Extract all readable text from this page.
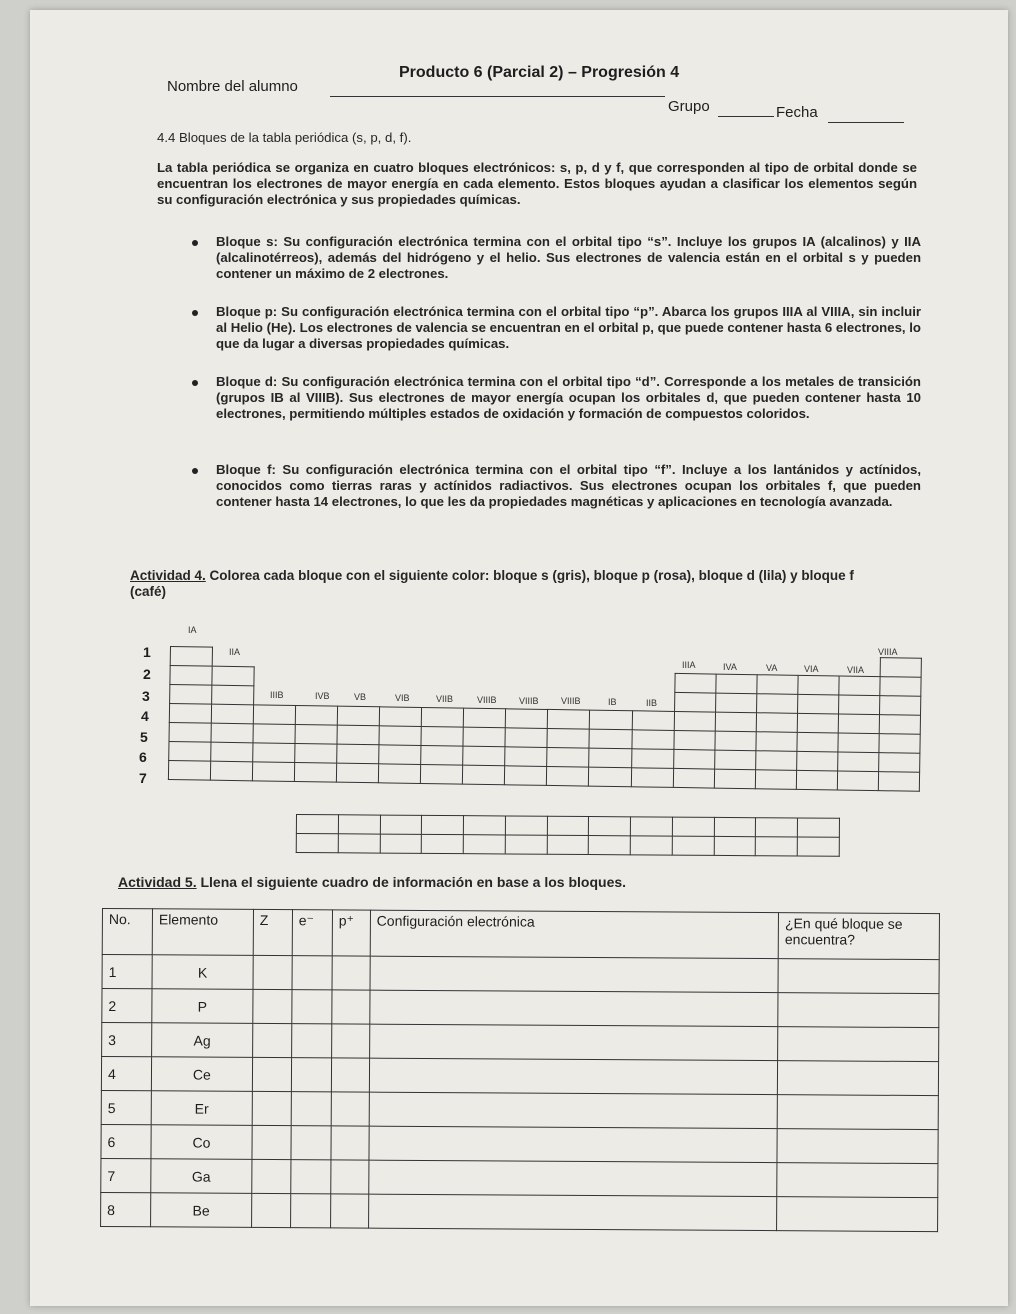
Producto 6 (Parcial 2) – Progresión 4
Nombre del alumno
Grupo	Fecha
4.4 Bloques de la tabla periódica (s, p, d, f).
La tabla periódica se organiza en cuatro bloques electrónicos: s, p, d y f, que corresponden al tipo de orbital donde se encuentran los electrones de mayor energía en cada elemento. Estos bloques ayudan a clasificar los elementos según su configuración electrónica y sus propiedades químicas.
Bloque s: Su configuración electrónica termina con el orbital tipo “s”. Incluye los grupos IA (alcalinos) y IIA (alcalinotérreos), además del hidrógeno y el helio. Sus electrones de valencia están en el orbital s y pueden contener un máximo de 2 electrones.
Bloque p: Su configuración electrónica termina con el orbital tipo “p”. Abarca los grupos IIIA al VIIIA, sin incluir al Helio (He). Los electrones de valencia se encuentran en el orbital p, que puede contener hasta 6 electrones, lo que da lugar a diversas propiedades químicas.
Bloque d: Su configuración electrónica termina con el orbital tipo “d”. Corresponde a los metales de transición (grupos IB al VIIIB). Sus electrones de mayor energía ocupan los orbitales d, que pueden contener hasta 10 electrones, permitiendo múltiples estados de oxidación y formación de compuestos coloridos.
Bloque f: Su configuración electrónica termina con el orbital tipo “f”. Incluye a los lantánidos y actínidos, conocidos como tierras raras y actínidos radiactivos. Sus electrones ocupan los orbitales f, que pueden contener hasta 14 electrones, lo que les da propiedades magnéticas y aplicaciones en tecnología avanzada.
Actividad 4. Colorea cada bloque con el siguiente color: bloque s (gris), bloque p (rosa), bloque d (lila) y bloque f
(café)
IA
IIA	VIIIA
IIIA	IVA	VA	VIA	VIIA
IIIB	IVB	VB	VIB	VIIB	VIIIB VIIIB VIIIB	IB	IIB
1
2
3
4
5
6
7

Actividad 5. Llena el siguiente cuadro de información en base a los bloques.
No.	Elemento	Z	e⁻	p⁺	Configuración electrónica	¿En qué bloque se encuentra?
1	K					
2	P					
3	Ag					
4	Ce					
5	Er					
6	Co					
7	Ga					
8	Be					
